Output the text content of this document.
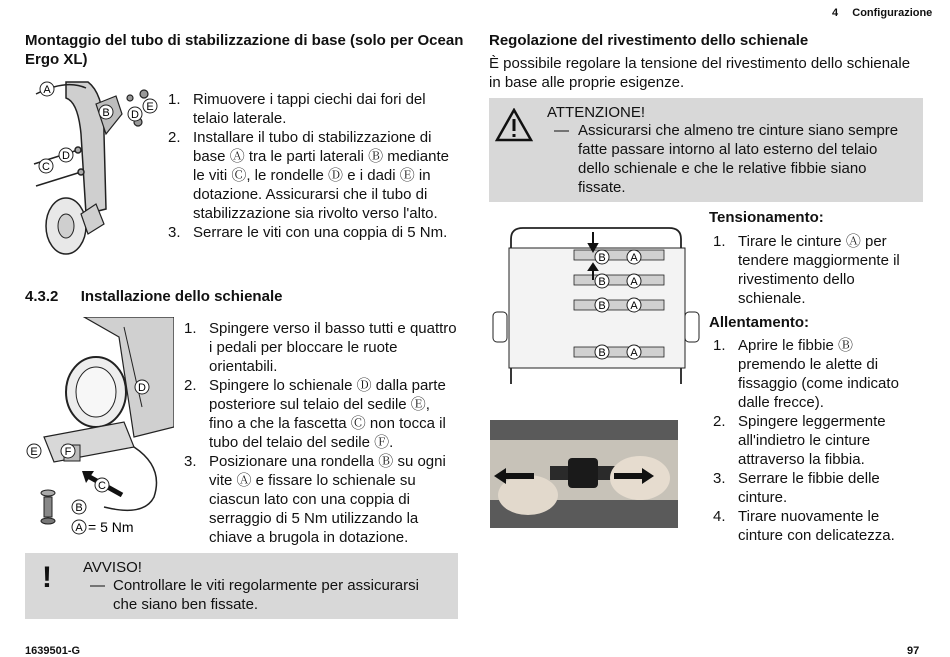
4 Configurazione
Montaggio del tubo di stabilizzazione di base (solo per Ocean Ergo XL)
A
B D
E
D
C
1. Rimuovere i tappi ciechi dai fori del telaio laterale.
2. Installare il tubo di stabilizzazione di base Ⓐ tra le parti laterali Ⓑ mediante le viti Ⓒ, le rondelle Ⓓ e i dadi Ⓔ in dotazione. Assicurarsi che il tubo di stabilizzazione sia rivolto verso l'alto.
3. Serrare le viti con una coppia di 5 Nm.
4.3.2 Installazione dello schienale
D
E F
C
B
A = 5 Nm
1. Spingere verso il basso tutti e quattro i pedali per bloccare le ruote orientabili.
2. Spingere lo schienale Ⓓ dalla parte posteriore sul telaio del sedile Ⓔ, fino a che la fascetta Ⓒ non tocca il tubo del telaio del sedile Ⓕ.
3. Posizionare una rondella Ⓑ su ogni vite Ⓐ e fissare lo schienale su ciascun lato con una coppia di serraggio di 5 Nm utilizzando la chiave a brugola in dotazione.
! AVVISO!
— Controllare le viti regolarmente per assicurarsi che siano ben fissate.
Regolazione del rivestimento dello schienale
È possibile regolare la tensione del rivestimento dello schienale in base alle proprie esigenze.
ATTENZIONE!
— Assicurarsi che almeno tre cinture siano sempre fatte passare intorno al lato esterno del telaio dello schienale e che le relative fibbie siano fissate.
B A
B A
B A
B A
Tensionamento:
1. Tirare le cinture Ⓐ per tendere maggiormente il rivestimento dello schienale.
Allentamento:
1. Aprire le fibbie Ⓑ premendo le alette di fissaggio (come indicato dalle frecce).
2. Spingere leggermente all'indietro le cinture attraverso la fibbia.
3. Serrare le fibbie delle cinture.
4. Tirare nuovamente le cinture con delicatezza.
1639501-G	97
